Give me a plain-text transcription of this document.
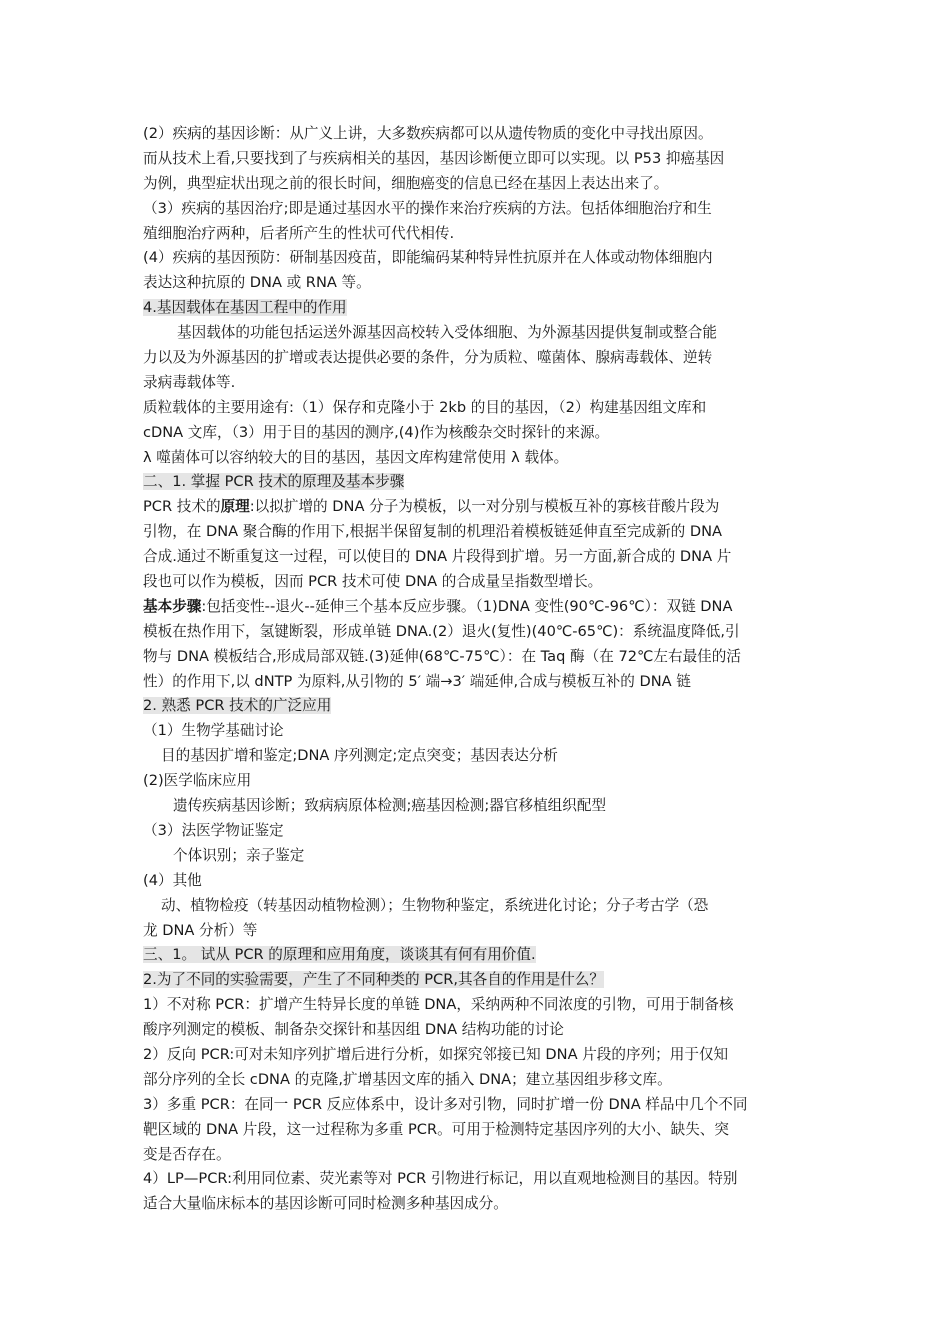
(2）疾病的基因诊断：从广义上讲，大多数疾病都可以从遗传物质的变化中寻找出原因。
而从技术上看,只要找到了与疾病相关的基因，基因诊断便立即可以实现。以 P53 抑癌基因
为例，典型症状出现之前的很长时间，细胞癌变的信息已经在基因上表达出来了。
（3）疾病的基因治疗;即是通过基因水平的操作来治疗疾病的方法。包括体细胞治疗和生
殖细胞治疗两种，后者所产生的性状可代代相传.
(4）疾病的基因预防：研制基因疫苗，即能编码某种特异性抗原并在人体或动物体细胞内
表达这种抗原的 DNA 或 RNA 等。
4.基因载体在基因工程中的作用
基因载体的功能包括运送外源基因高校转入受体细胞、为外源基因提供复制或整合能
力以及为外源基因的扩增或表达提供必要的条件，分为质粒、噬菌体、腺病毒载体、逆转
录病毒载体等.
质粒载体的主要用途有:（1）保存和克隆小于 2kb 的目的基因，（2）构建基因组文库和
cDNA 文库，（3）用于目的基因的测序,(4)作为核酸杂交时探针的来源。
λ 噬菌体可以容纳较大的目的基因，基因文库构建常使用 λ 载体。
二、1. 掌握 PCR 技术的原理及基本步骤
PCR 技术的原理:以拟扩增的 DNA 分子为模板，以一对分别与模板互补的寡核苷酸片段为
引物，在 DNA 聚合酶的作用下,根据半保留复制的机理沿着模板链延伸直至完成新的 DNA
合成.通过不断重复这一过程，可以使目的 DNA 片段得到扩增。另一方面,新合成的 DNA 片
段也可以作为模板，因而 PCR 技术可使 DNA 的合成量呈指数型增长。
基本步骤:包括变性--退火--延伸三个基本反应步骤。（1)DNA 变性(90℃-96℃）：双链 DNA
模板在热作用下，氢键断裂，形成单链 DNA.(2）退火(复性)(40℃-65℃)：系统温度降低,引
物与 DNA 模板结合,形成局部双链.(3)延伸(68℃-75℃）：在 Taq 酶（在 72℃左右最佳的活
性）的作用下,以 dNTP 为原料,从引物的 5′ 端→3′ 端延伸,合成与模板互补的 DNA 链
2. 熟悉 PCR 技术的广泛应用
（1）生物学基础讨论
目的基因扩增和鉴定;DNA 序列测定;定点突变；基因表达分析
(2)医学临床应用
遗传疾病基因诊断；致病病原体检测;癌基因检测;器官移植组织配型
（3）法医学物证鉴定
个体识别；亲子鉴定
(4）其他
动、植物检疫（转基因动植物检测）；生物物种鉴定，系统进化讨论；分子考古学（恐
龙 DNA 分析）等
三、1。 试从 PCR 的原理和应用角度，谈谈其有何有用价值.
2.为了不同的实验需要，产生了不同种类的 PCR,其各自的作用是什么？
1）不对称 PCR：扩增产生特异长度的单链 DNA，采纳两种不同浓度的引物，可用于制备核
酸序列测定的模板、制备杂交探针和基因组 DNA 结构功能的讨论
2）反向 PCR:可对未知序列扩增后进行分析，如探究邻接已知 DNA 片段的序列；用于仅知
部分序列的全长 cDNA 的克隆,扩增基因文库的插入 DNA；建立基因组步移文库。
3）多重 PCR：在同一 PCR 反应体系中，设计多对引物，同时扩增一份 DNA 样品中几个不同
靶区域的 DNA 片段，这一过程称为多重 PCR。可用于检测特定基因序列的大小、缺失、突
变是否存在。
4）LP—PCR:利用同位素、荧光素等对 PCR 引物进行标记，用以直观地检测目的基因。特别
适合大量临床标本的基因诊断可同时检测多种基因成分。
